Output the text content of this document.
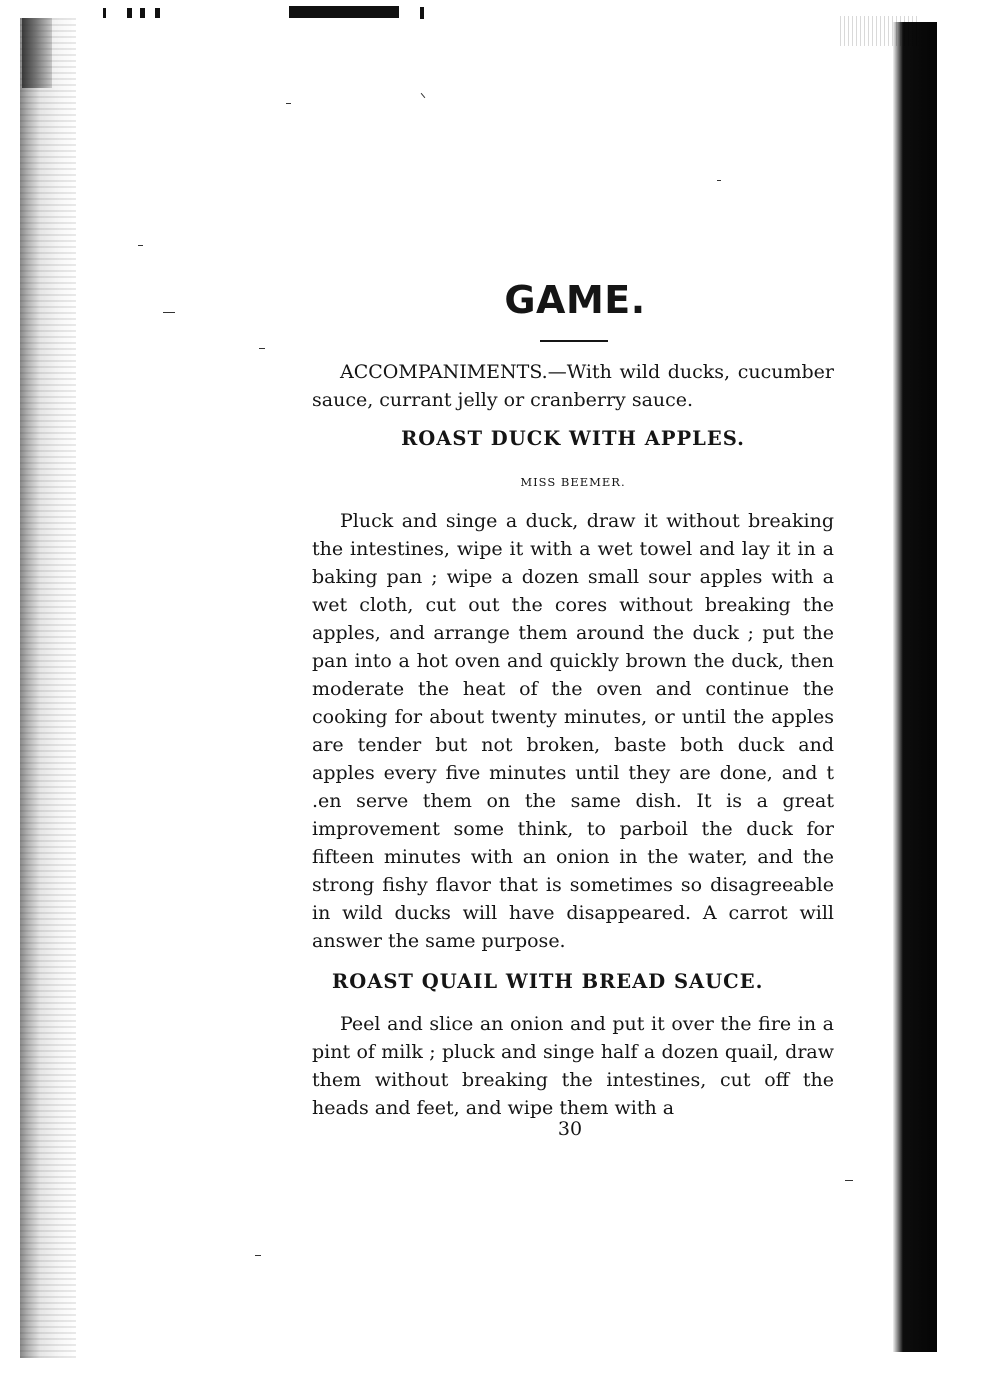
GAME.

ACCOMPANIMENTS.—With wild ducks, cucumber sauce, currant jelly or cranberry sauce.

ROAST DUCK WITH APPLES.

MISS BEEMER.

Pluck and singe a duck, draw it without breaking the intestines, wipe it with a wet towel and lay it in a baking pan ; wipe a dozen small sour apples with a wet cloth, cut out the cores without breaking the apples, and arrange them around the duck ; put the pan into a hot oven and quickly brown the duck, then moderate the heat of the oven and continue the cooking for about twenty minutes, or until the apples are tender but not broken, baste both duck and apples every five minutes until they are done, and t .en serve them on the same dish. It is a great improvement some think, to parboil the duck for fifteen minutes with an onion in the water, and the strong fishy flavor that is sometimes so disagreeable in wild ducks will have disappeared. A carrot will answer the same purpose.

ROAST QUAIL WITH BREAD SAUCE.

Peel and slice an onion and put it over the fire in a pint of milk ; pluck and singe half a dozen quail, draw them without breaking the intestines, cut off the heads and feet, and wipe them with a

30
